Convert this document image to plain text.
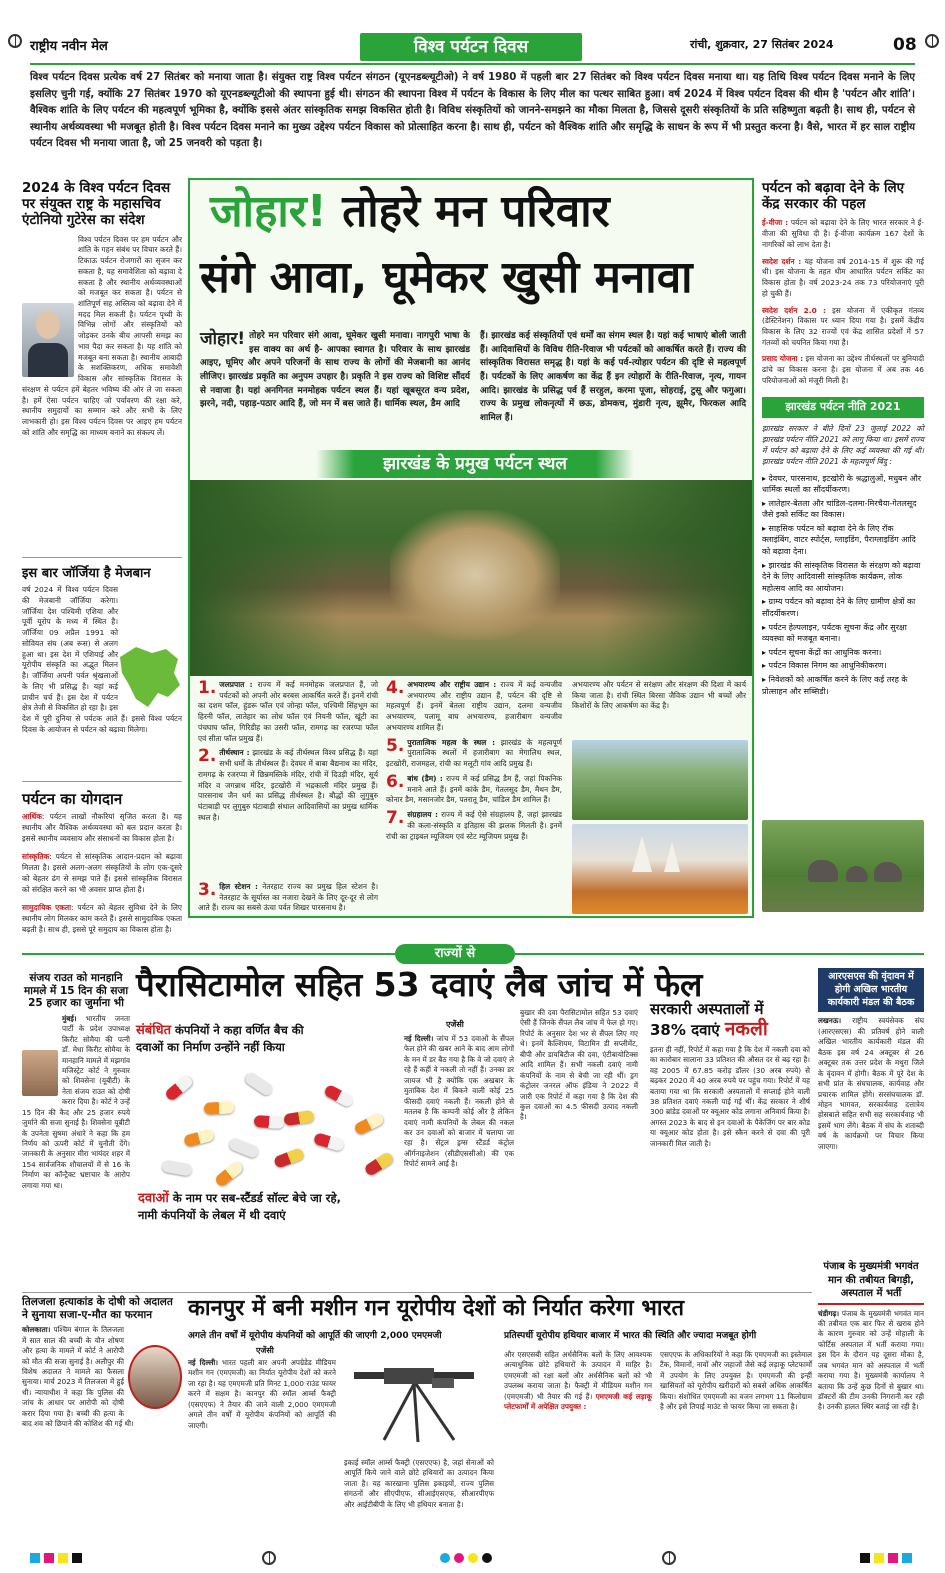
राष्ट्रीय नवीन मेल	विश्व पर्यटन दिवस	रांची, शुक्रवार, 27 सितंबर 2024	08
विश्व पर्यटन दिवस प्रत्येक वर्ष 27 सितंबर को मनाया जाता है। संयुक्त राष्ट्र विश्व पर्यटन संगठन (यूएनडब्ल्यूटीओ) ने वर्ष 1980 में पहली बार 27 सितंबर को विश्व पर्यटन दिवस मनाया था। यह तिथि विश्व पर्यटन दिवस मनाने के लिए इसलिए चुनी गई, क्योंकि 27 सितंबर 1970 को यूएनडब्ल्यूटीओ की स्थापना हुई थी। संगठन की स्थापना विश्व में पर्यटन के विकास के लिए मील का पत्थर साबित हुआ। वर्ष 2024 में विश्व पर्यटन दिवस की थीम है 'पर्यटन और शांति'। वैश्विक शांति के लिए पर्यटन की महत्वपूर्ण भूमिका है, क्योंकि इससे अंतर सांस्कृतिक समझ विकसित होती है। विविध संस्कृतियों को जानने-समझने का मौका मिलता है, जिससे दूसरी संस्कृतियों के प्रति सहिष्णुता बढ़ती है। साथ ही, पर्यटन से स्थानीय अर्थव्यवस्था भी मजबूत होती है। विश्व पर्यटन दिवस मनाने का मुख्य उद्देश्य पर्यटन विकास को प्रोत्साहित करना है। साथ ही, पर्यटन को वैश्विक शांति और समृद्धि के साधन के रूप में भी प्रस्तुत करना है। वैसे, भारत में हर साल राष्ट्रीय पर्यटन दिवस भी मनाया जाता है, जो 25 जनवरी को पड़ता है।
2024 के विश्व पर्यटन दिवस पर संयुक्त राष्ट्र के महासचिव एंटोनियो गुटेरेस का संदेश
विश्व पर्यटन दिवस पर हम पर्यटन और शांति के गहन संबंध पर विचार करते हैं। टिकाऊ पर्यटन रोजगारों का सृजन कर सकता है, यह समावेशिता को बढ़ावा दे सकता है और स्थानीय अर्थव्यवस्थाओं को मजबूत कर सकता है। पर्यटन से शांतिपूर्ण सह अस्तित्व को बढ़ावा देने में मदद मिल सकती है। पर्यटन पृथ्वी के विभिन्न लोगों और संस्कृतियों को जोड़कर उनके बीच आपसी समझ का भाव पैदा कर सकता है। यह शांति को मजबूत बना सकता है। स्थानीय आबादी के सशक्तिकरण, अधिक समावेशी विकास और सांस्कृतिक विरासत के संरक्षण से पर्यटन हमें बेहतर भविष्य की ओर ले जा सकता है। हमें ऐसा पर्यटन चाहिए जो पर्यावरण की रक्षा करे, स्थानीय समुदायों का सम्मान करे और सभी के लिए लाभकारी हो। इस विश्व पर्यटन दिवस पर आइए हम पर्यटन को शांति और समृद्धि का माध्यम बनाने का संकल्प लें।
इस बार जॉर्जिया है मेजबान
वर्ष 2024 में विश्व पर्यटन दिवस की मेजबानी जॉर्जिया करेगा। जॉर्जिया देश पश्चिमी एशिया और पूर्वी यूरोप के मध्य में स्थित है। जॉर्जिया 09 अप्रैल 1991 को सोवियत संघ (अब रूस) से अलग हुआ था। इस देश में एशियाई और यूरोपीय संस्कृति का अद्भुत मिलन है। जॉर्जिया अपनी पर्वत श्रृंखलाओं के लिए भी प्रसिद्ध है। यहां कई प्राचीन चर्च हैं। इस देश में पर्यटन क्षेत्र तेजी से विकसित हो रहा है। इस देश में पूरी दुनिया से पर्यटक आते हैं। इससे विश्व पर्यटन दिवस के आयोजन से पर्यटन को बढ़ावा मिलेगा।
पर्यटन का योगदान
आर्थिक: पर्यटन लाखों नौकरियां सृजित करता है। यह स्थानीय और वैश्विक अर्थव्यवस्था को बल प्रदान करता है। इससे स्थानीय व्यवसाय और संसाधनों का विकास होता है।
सांस्कृतिक: पर्यटन से सांस्कृतिक आदान-प्रदान को बढ़ावा मिलता है। इससे अलग-अलग संस्कृतियों के लोग एक-दूसरे को बेहतर ढंग से समझ पाते हैं। इससे सांस्कृतिक विरासत को संरक्षित करने का भी अवसर प्राप्त होता है।
सामुदायिक एकता: पर्यटन को बेहतर सुविधा देने के लिए स्थानीय लोग मिलकर काम करते हैं। इससे सामुदायिक एकता बढ़ती है। साथ ही, इससे पूरे समुदाय का विकास होता है।
जोहार! तोहरे मन परिवार
संगे आवा, घूमेकर खुसी मनावा
जोहार! तोहरे मन परिवार संगे आवा, घूमेकर खुसी मनावा। नागपुरी भाषा के इस वाक्य का अर्थ है- आपका स्वागत है। परिवार के साथ झारखंड आइए, घूमिए और अपने परिजनों के साथ राज्य के लोगों की मेजबानी का आनंद लीजिए। झारखंड प्रकृति का अनुपम उपहार है। प्रकृति ने इस राज्य को विशिष्ट सौंदर्य से नवाजा है। यहां अनगिनत मनमोहक पर्यटन स्थल हैं। यहां खूबसूरत वन्य प्रदेश, झरने, नदी, पहाड़-पठार आदि हैं, जो मन में बस जाते हैं। धार्मिक स्थल, डैम आदि
हैं। झारखंड कई संस्कृतियों एवं धर्मों का संगम स्थल है। यहां कई भाषाएं बोली जाती हैं। आदिवासियों के विविध रीति-रिवाज भी पर्यटकों को आकर्षित करते हैं। राज्य की सांस्कृतिक विरासत समृद्ध है। यहां के कई पर्व-त्योहार पर्यटन की दृष्टि से महत्वपूर्ण हैं। पर्यटकों के लिए आकर्षण का केंद्र हैं इन त्योहारों के रीति-रिवाज, नृत्य, गायन आदि। झारखंड के प्रसिद्ध पर्व हैं सरहुल, करमा पूजा, सोहराई, टुसू और फगुआ। राज्य के प्रमुख लोकनृत्यों में छऊ, डोमकच, मुंडारी नृत्य, झूमैर, फिरकल आदि शामिल हैं।
झारखंड के प्रमुख पर्यटन स्थल
1. जलप्रपात : राज्य में कई मनमोहक जलप्रपात हैं, जो पर्यटकों को अपनी ओर बरबस आकर्षित करते हैं। इनमें रांची का दशम फॉल, हुंडरू फॉल एवं जोन्हा फॉल, पश्चिमी सिंहभूम का हिरनी फॉल, लातेहार का लोध फॉल एवं नियनी फॉल, खूंटी का पंचघाघ फॉल, गिरिडीह का उसरी फॉल, रामगढ़ का रजरप्पा फॉल एवं सीता फॉल प्रमुख हैं।
2. तीर्थस्थान : झारखंड के कई तीर्थस्थल विश्व प्रसिद्ध हैं। यहां सभी धर्मों के तीर्थस्थल हैं। देवघर में बाबा बैद्यनाथ का मंदिर, रामगढ़ के रजरप्पा में छिन्नमस्तिके मंदिर, रांची में दिउड़ी मंदिर, सूर्य मंदिर व जगन्नाथ मंदिर, इटखोरी में भद्रकाली मंदिर प्रमुख हैं। पारसनाथ जैन धर्म का प्रसिद्ध तीर्थस्थल है। बौद्धों की लुगुबुरु घंटाबाड़ी पर लुगुबुरु घंटाबाड़ी संथाल आदिवासियों का प्रमुख धार्मिक स्थल है।
3. हिल स्टेशन : नेतरहाट राज्य का प्रमुख हिल स्टेशन है। नेतरहाट के सूर्यास्त का नजारा देखने के लिए दूर-दूर से लोग आते हैं। राज्य का सबसे ऊंचा पर्वत शिखर पारसनाथ है।
4. अभयारण्य और राष्ट्रीय उद्यान : राज्य में कई वन्यजीव अभयारण्य और राष्ट्रीय उद्यान हैं, पर्यटन की दृष्टि से महत्वपूर्ण हैं। इनमें बेतला राष्ट्रीय उद्यान, दलमा वन्यजीव अभयारण्य, पलामू बाघ अभयारण्य, हजारीबाग वन्यजीव अभयारण्य शामिल हैं।
5. पुरातात्विक महत्व के स्थल : झारखंड के महत्वपूर्ण पुरातात्विक स्थलों में हजारीबाग का मेगालिथ स्थल, इटखोरी, राजमहल, रांची का मलूटी गांव आदि प्रमुख हैं।
6. बांध (डैम) : राज्य में कई प्रसिद्ध डैम हैं, जहां पिकनिक मनाने आते हैं। इनमें कांके डैम, गेतलसूद डैम, मैथन डैम, कोनार डैम, मसानजोर डैम, पतरातू डैम, चांडिल डैम शामिल हैं।
7. संग्रहालय : राज्य में कई ऐसे संग्रहालय हैं, जहां झारखंड की कला-संस्कृति व इतिहास की झलक मिलती है। इनमें रांची का ट्राइबल म्यूजियम एवं स्टेट म्यूजियम प्रमुख हैं।
अभयारण्य और पर्यटन से सरंक्षण और संरक्षण की दिशा में कार्य किया जाता है। रांची स्थित बिरसा जैविक उद्यान भी बच्चों और किशोरों के लिए आकर्षण का केंद्र है।
पर्यटन को बढ़ावा देने के लिए केंद्र सरकार की पहल
ई-वीजा : पर्यटन को बढ़ावा देने के लिए भारत सरकार ने ई-वीजा की सुविधा दी है। ई-वीजा कार्यक्रम 167 देशों के नागरिकों को लाभ देता है।
स्वदेश दर्शन : यह योजना वर्ष 2014-15 में शुरू की गई थी। इस योजना के तहत थीम आधारित पर्यटन सर्किट का विकास होता है। वर्ष 2023-24 तक 73 परियोजनाएं पूरी हो चुकी हैं।
स्वदेश दर्शन 2.0 : इस योजना में एकीकृत गंतव्य (डेस्टिनेशन) विकास पर ध्यान दिया गया है। इसमें केंद्रीय विकास के लिए 32 राज्यों एवं केंद्र शासित प्रदेशों में 57 गंतव्यों को चयनित किया गया है।
प्रसाद योजना : इस योजना का उद्देश्य तीर्थस्थलों पर बुनियादी ढांचे का विकास करना है। इस योजना में अब तक 46 परियोजनाओं को मंजूरी मिली है।
झारखंड पर्यटन नीति 2021
झारखंड सरकार ने बीते दिनों 23 जुलाई 2022 को झारखंड पर्यटन नीति 2021 को लागू किया था। इसमें राज्य में पर्यटन को बढ़ावा देने के लिए कई व्यवस्था की गई थी। झारखंड पर्यटन नीति 2021 के महत्वपूर्ण बिंदु :
▸ देवघर, पारसनाथ, इटखोरी के श्रद्धालुओं, मधुबन और धार्मिक स्थलों का सौंदर्यीकरण।
▸ लातेहार-बेतला और चांडिल-दलमा-मिरचैया-गेतलसूद जैसे इको सर्किट का विकास।
▸ साहसिक पर्यटन को बढ़ावा देने के लिए रॉक क्लाइंबिंग, वाटर स्पोर्ट्स, ग्लाइडिंग, पैराग्लाइडिंग आदि को बढ़ावा देना।
▸ झारखंड की सांस्कृतिक विरासत के संरक्षण को बढ़ावा देने के लिए आदिवासी सांस्कृतिक कार्यक्रम, लोक महोत्सव आदि का आयोजन।
▸ ग्राम्य पर्यटन को बढ़ावा देने के लिए ग्रामीण क्षेत्रों का सौंदर्यीकरण।
▸ पर्यटन हेल्पलाइन, पर्यटक सूचना केंद्र और सुरक्षा व्यवस्था को मजबूत बनाना।
▸ पर्यटन सूचना केंद्रों का आधुनिक करना।
▸ पर्यटन विकास निगम का आधुनिकीकरण।
▸ निवेशकों को आकर्षित करने के लिए कई तरह के प्रोत्साहन और सब्सिडी।
राज्यों से
संजय राउत को मानहानि मामले में 15 दिन की सजा 25 हजार का जुर्माना भी
मुंबई। भारतीय जनता पार्टी के प्रदेश उपाध्यक्ष किरीट सोमैया की पत्नी डॉ. मेधा किरीट सोमैया के मानहानि मामले में मझगांव मजिस्ट्रेट कोर्ट ने गुरुवार को शिवसेना (यूबीटी) के नेता संजय राउत को दोषी करार दिया है। कोर्ट ने उन्हें 15 दिन की कैद और 25 हजार रुपये जुर्माने की सजा सुनाई है। शिवसेना यूबीटी के उपनेता सुषमा अंधारे ने कहा कि हम निर्णय को ऊपरी कोर्ट में चुनौती देंगे। जानकारी के अनुसार मीरा भायंदर शहर में 154 सार्वजनिक शौचालयों में से 16 के निर्माण का कॉन्ट्रैक्ट भ्रष्टाचार के आरोप लगाया गया था।
पैरासिटामोल सहित 53 दवाएं लैब जांच में फेल
संबंधित कंपनियों ने कहा वर्णित बैच की दवाओं का निर्माण उन्होंने नहीं किया
दवाओं के नाम पर सब-स्टैंडर्ड सॉल्ट बेचे जा रहे, नामी कंपनियों के लेबल में थी दवाएं
एजेंसी
नई दिल्ली। जांच में 53 दवाओं के सैंपल फेल होने की खबर आने के बाद आम लोगों के मन में डर बैठ गया है कि वे जो दवाएं ले रहे हैं कहीं वे नकली तो नहीं हैं। उनका डर जायज भी है क्योंकि एक अखबार के मुताबिक देश में बिकने वाली कोई 25 फीसदी दवाएं नकली हैं। नकली होने से मतलब है कि कम्पनी कोई और है लेकिन दवाएं नामी कंपनियों के लेबल की नकल कर उन दवाओं को बाजार में चलाया जा रहा है। सेंट्रल ड्रग्स स्टैंडर्ड कंट्रोल ऑर्गनाइजेशन (सीडीएससीओ) की एक रिपोर्ट सामने आई है।
बुखार की दवा पैरासिटामोल सहित 53 दवाएं ऐसी हैं जिनके सैंपल लैब जांच में फेल हो गए। रिपोर्ट के अनुसार देश भर से सैंपल लिए गए थे। इनमें कैल्शियम, विटामिन डी सप्लीमेंट, बीपी और डायबिटीज की दवा, एंटीबायोटिक्स आदि शामिल हैं। सभी नकली दवाएं नामी कंपनियों के नाम से बेची जा रही थीं। ड्रग कंट्रोलर जनरल ऑफ इंडिया ने 2022 में जारी एक रिपोर्ट में कहा गया है कि देश की कुल दवाओं का 4.5 फीसदी उत्पाद नकली है।
सरकारी अस्पतालों में
38% दवाएं नकली
इतना ही नहीं, रिपोर्ट में कहा गया है कि देश में नकली दवा को का कारोबार सालाना 33 प्रतिशत की औसत दर से बढ़ रहा है। वह 2005 में 67.85 करोड़ डॉलर (30 अरब रुपये) से बढ़कर 2020 में 40 अरब रुपये पर पहुंच गया। रिपोर्ट में यह बताया गया था कि सरकारी अस्पतालों में सप्लाई होने वाली 38 प्रतिशत दवाएं नकली पाई गई थीं। केंद्र सरकार ने शीर्ष 300 ब्रांडेड दवाओं पर क्यूआर कोड लगाना अनिवार्य किया है। अगस्त 2023 के बाद से इन दवाओं के पैकेजिंग पर बार कोड या क्यूआर कोड होता है। इसे स्कैन करने से दवा की पूरी जानकारी मिल जाती है।
आरएसएस की वृंदावन में होगी अखिल भारतीय कार्यकारी मंडल की बैठक
लखनऊ। राष्ट्रीय स्वयंसेवक संघ (आरएसएस) की प्रतिवर्ष होने वाली अखिल भारतीय कार्यकारी मंडल की बैठक इस वर्ष 24 अक्टूबर से 26 अक्टूबर तक उत्तर प्रदेश के मथुरा जिले के वृंदावन में होगी। बैठक में पूरे देश के सभी प्रांत के संघचालक, कार्यवाह और प्रचारक शामिल होंगे। सरसंघचालक डॉ. मोहन भागवत, सरकार्यवाह दत्तात्रेय होसबाले सहित सभी सह सरकार्यवाह भी इसमें भाग लेंगे। बैठक में संघ के शताब्दी वर्ष के कार्यक्रमों पर विचार किया जाएगा।
पंजाब के मुख्यमंत्री भगवंत मान की तबीयत बिगड़ी, अस्पताल में भर्ती
चंडीगढ़। पंजाब के मुख्यमंत्री भगवंत मान की तबीयत एक बार फिर से खराब होने के कारण गुरुवार को उन्हें मोहाली के फोर्टिस अस्पताल में भर्ती कराया गया। इस दिन के दौरान यह दूसरा मौका है, जब भगवंत मान को अस्पताल में भर्ती कराया गया है। मुख्यमंत्री कार्यालय ने बताया कि उन्हें कुछ दिनों से बुखार था। डॉक्टरों की टीम उनकी निगरानी कर रही है। उनकी हालत स्थिर बताई जा रही है।
तिलजला हत्याकांड के दोषी को अदालत ने सुनाया सजा-ए-मौत का फरमान
कोलकाता। पश्चिम बंगाल के तिलजला में सात साल की बच्ची के यौन शोषण और हत्या के मामले में कोर्ट ने आरोपी को मौत की सजा सुनाई है। अलीपुर की विशेष अदालत ने मामले का फैसला सुनाया। मार्च 2023 में तिलजला में हुई थी। न्यायाधीश ने कहा कि पुलिस की जांच के आधार पर आरोपी को दोषी करार दिया गया है। बच्ची की हत्या के बाद शव को छिपाने की कोशिश की गई थी।
कानपुर में बनी मशीन गन यूरोपीय देशों को निर्यात करेगा भारत
अगले तीन वर्षों में यूरोपीय कंपनियों को आपूर्ति की जाएगी 2,000 एमएमजी	प्रतिस्पर्धी यूरोपीय हथियार बाजार में भारत की स्थिति और ज्यादा मजबूत होगी
एजेंसी
नई दिल्ली। भारत पहली बार अपनी अपग्रेडेड मीडियम मशीन गन (एमएमजी) का निर्यात यूरोपीय देशों को करने जा रहा है। यह एमएमजी प्रति मिनट 1,000 राउंड फायर करने में सक्षम है। कानपुर की स्मॉल आर्म्स फैक्ट्री (एसएएफ) ने तैयार की जाने वाली 2,000 एमएमजी अगले तीन वर्षों में यूरोपीय कंपनियों को आपूर्ति की जाएगी।
इकाई स्मॉल आर्म्स फैक्ट्री (एसएएफ) है, जहां सेनाओं को आपूर्ति किये जाने वाले छोटे हथियारों का उत्पादन किया जाता है। यह कारखाना पुलिस इकाइयों, राज्य पुलिस संगठनों और सीएपीएफ, सीआईएसएफ, सीआरपीएफ और आईटीबीपी के लिए भी हथियार बनाता है।
और एसएसबी सहित अर्धसैनिक बलों के लिए आवश्यक अत्याधुनिक छोटे हथियारों के उत्पादन में माहिर है। एमएमजी को रक्षा बलों और अर्धसैनिक बलों को भी उपलब्ध कराया जाता है। फैक्ट्री में मीडियम मशीन गन (एमएमजी) भी तैयार की गई हैं। एमएमजी कई लड़ाकू प्लेटफार्मों में अपेक्षित उपयुक्त :
एसएएफ के अधिकारियों ने कहा कि एमएमजी का इस्तेमाल टैंक, विमानों, नावों और जहाजों जैसे कई लड़ाकू प्लेटफार्मों में उपयोग के लिए उपयुक्त है। एमएमजी की इन्हीं खासियतों को यूरोपीय खरीदारों को सबसे अधिक आकर्षित किया। संशोधित एमएमजी का वजन लगभग 11 किलोग्राम है और इसे तिपाई माउंट से फायर किया जा सकता है।
